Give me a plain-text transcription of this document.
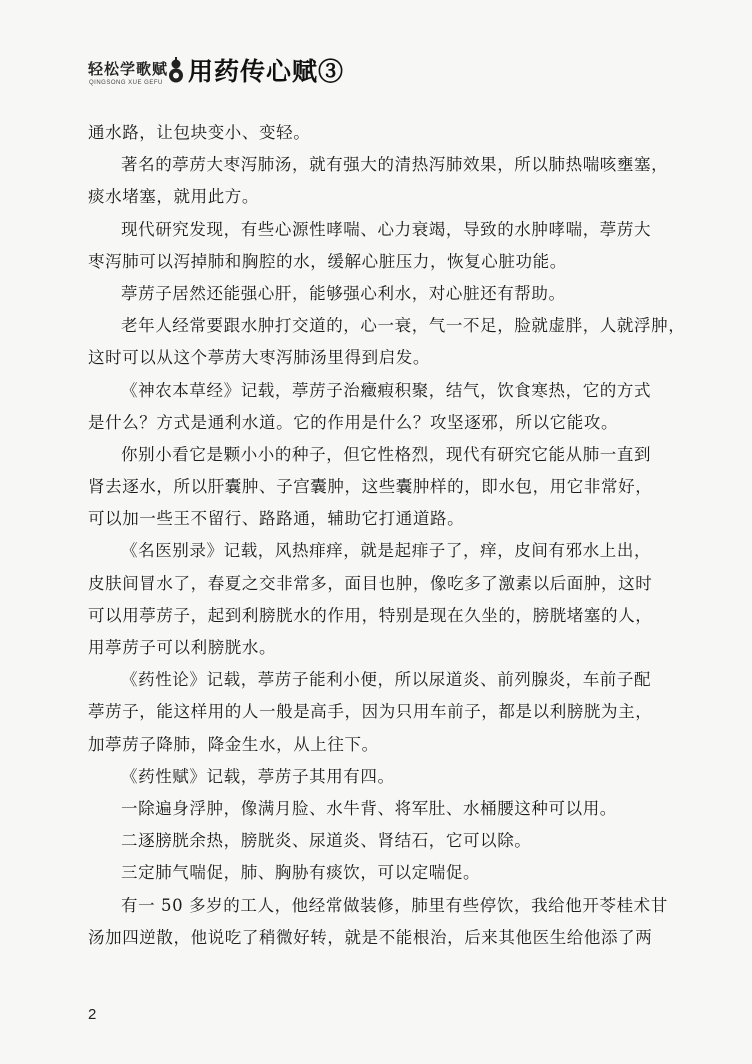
轻松学歌赋
QINGSONG XUE GEFU 用药传心赋③
通水路，让包块变小、变轻。
著名的葶苈大枣泻肺汤，就有强大的清热泻肺效果，所以肺热喘咳壅塞，
痰水堵塞，就用此方。
现代研究发现，有些心源性哮喘、心力衰竭，导致的水肿哮喘，葶苈大
枣泻肺可以泻掉肺和胸腔的水，缓解心脏压力，恢复心脏功能。
葶苈子居然还能强心肝，能够强心利水，对心脏还有帮助。
老年人经常要跟水肿打交道的，心一衰，气一不足，脸就虚胖，人就浮肿，
这时可以从这个葶苈大枣泻肺汤里得到启发。
《神农本草经》记载，葶苈子治癥瘕积聚，结气，饮食寒热，它的方式
是什么？方式是通利水道。它的作用是什么？攻坚逐邪，所以它能攻。
你别小看它是颗小小的种子，但它性格烈，现代有研究它能从肺一直到
肾去逐水，所以肝囊肿、子宫囊肿，这些囊肿样的，即水包，用它非常好，
可以加一些王不留行、路路通，辅助它打通道路。
《名医别录》记载，风热痱痒，就是起痱子了，痒，皮间有邪水上出，
皮肤间冒水了，春夏之交非常多，面目也肿，像吃多了激素以后面肿，这时
可以用葶苈子，起到利膀胱水的作用，特别是现在久坐的，膀胱堵塞的人，
用葶苈子可以利膀胱水。
《药性论》记载，葶苈子能利小便，所以尿道炎、前列腺炎，车前子配
葶苈子，能这样用的人一般是高手，因为只用车前子，都是以利膀胱为主，
加葶苈子降肺，降金生水，从上往下。
《药性赋》记载，葶苈子其用有四。
一除遍身浮肿，像满月脸、水牛背、将军肚、水桶腰这种可以用。
二逐膀胱余热，膀胱炎、尿道炎、肾结石，它可以除。
三定肺气喘促，肺、胸胁有痰饮，可以定喘促。
有一 50 多岁的工人，他经常做装修，肺里有些停饮，我给他开苓桂术甘
汤加四逆散，他说吃了稍微好转，就是不能根治，后来其他医生给他添了两
2
